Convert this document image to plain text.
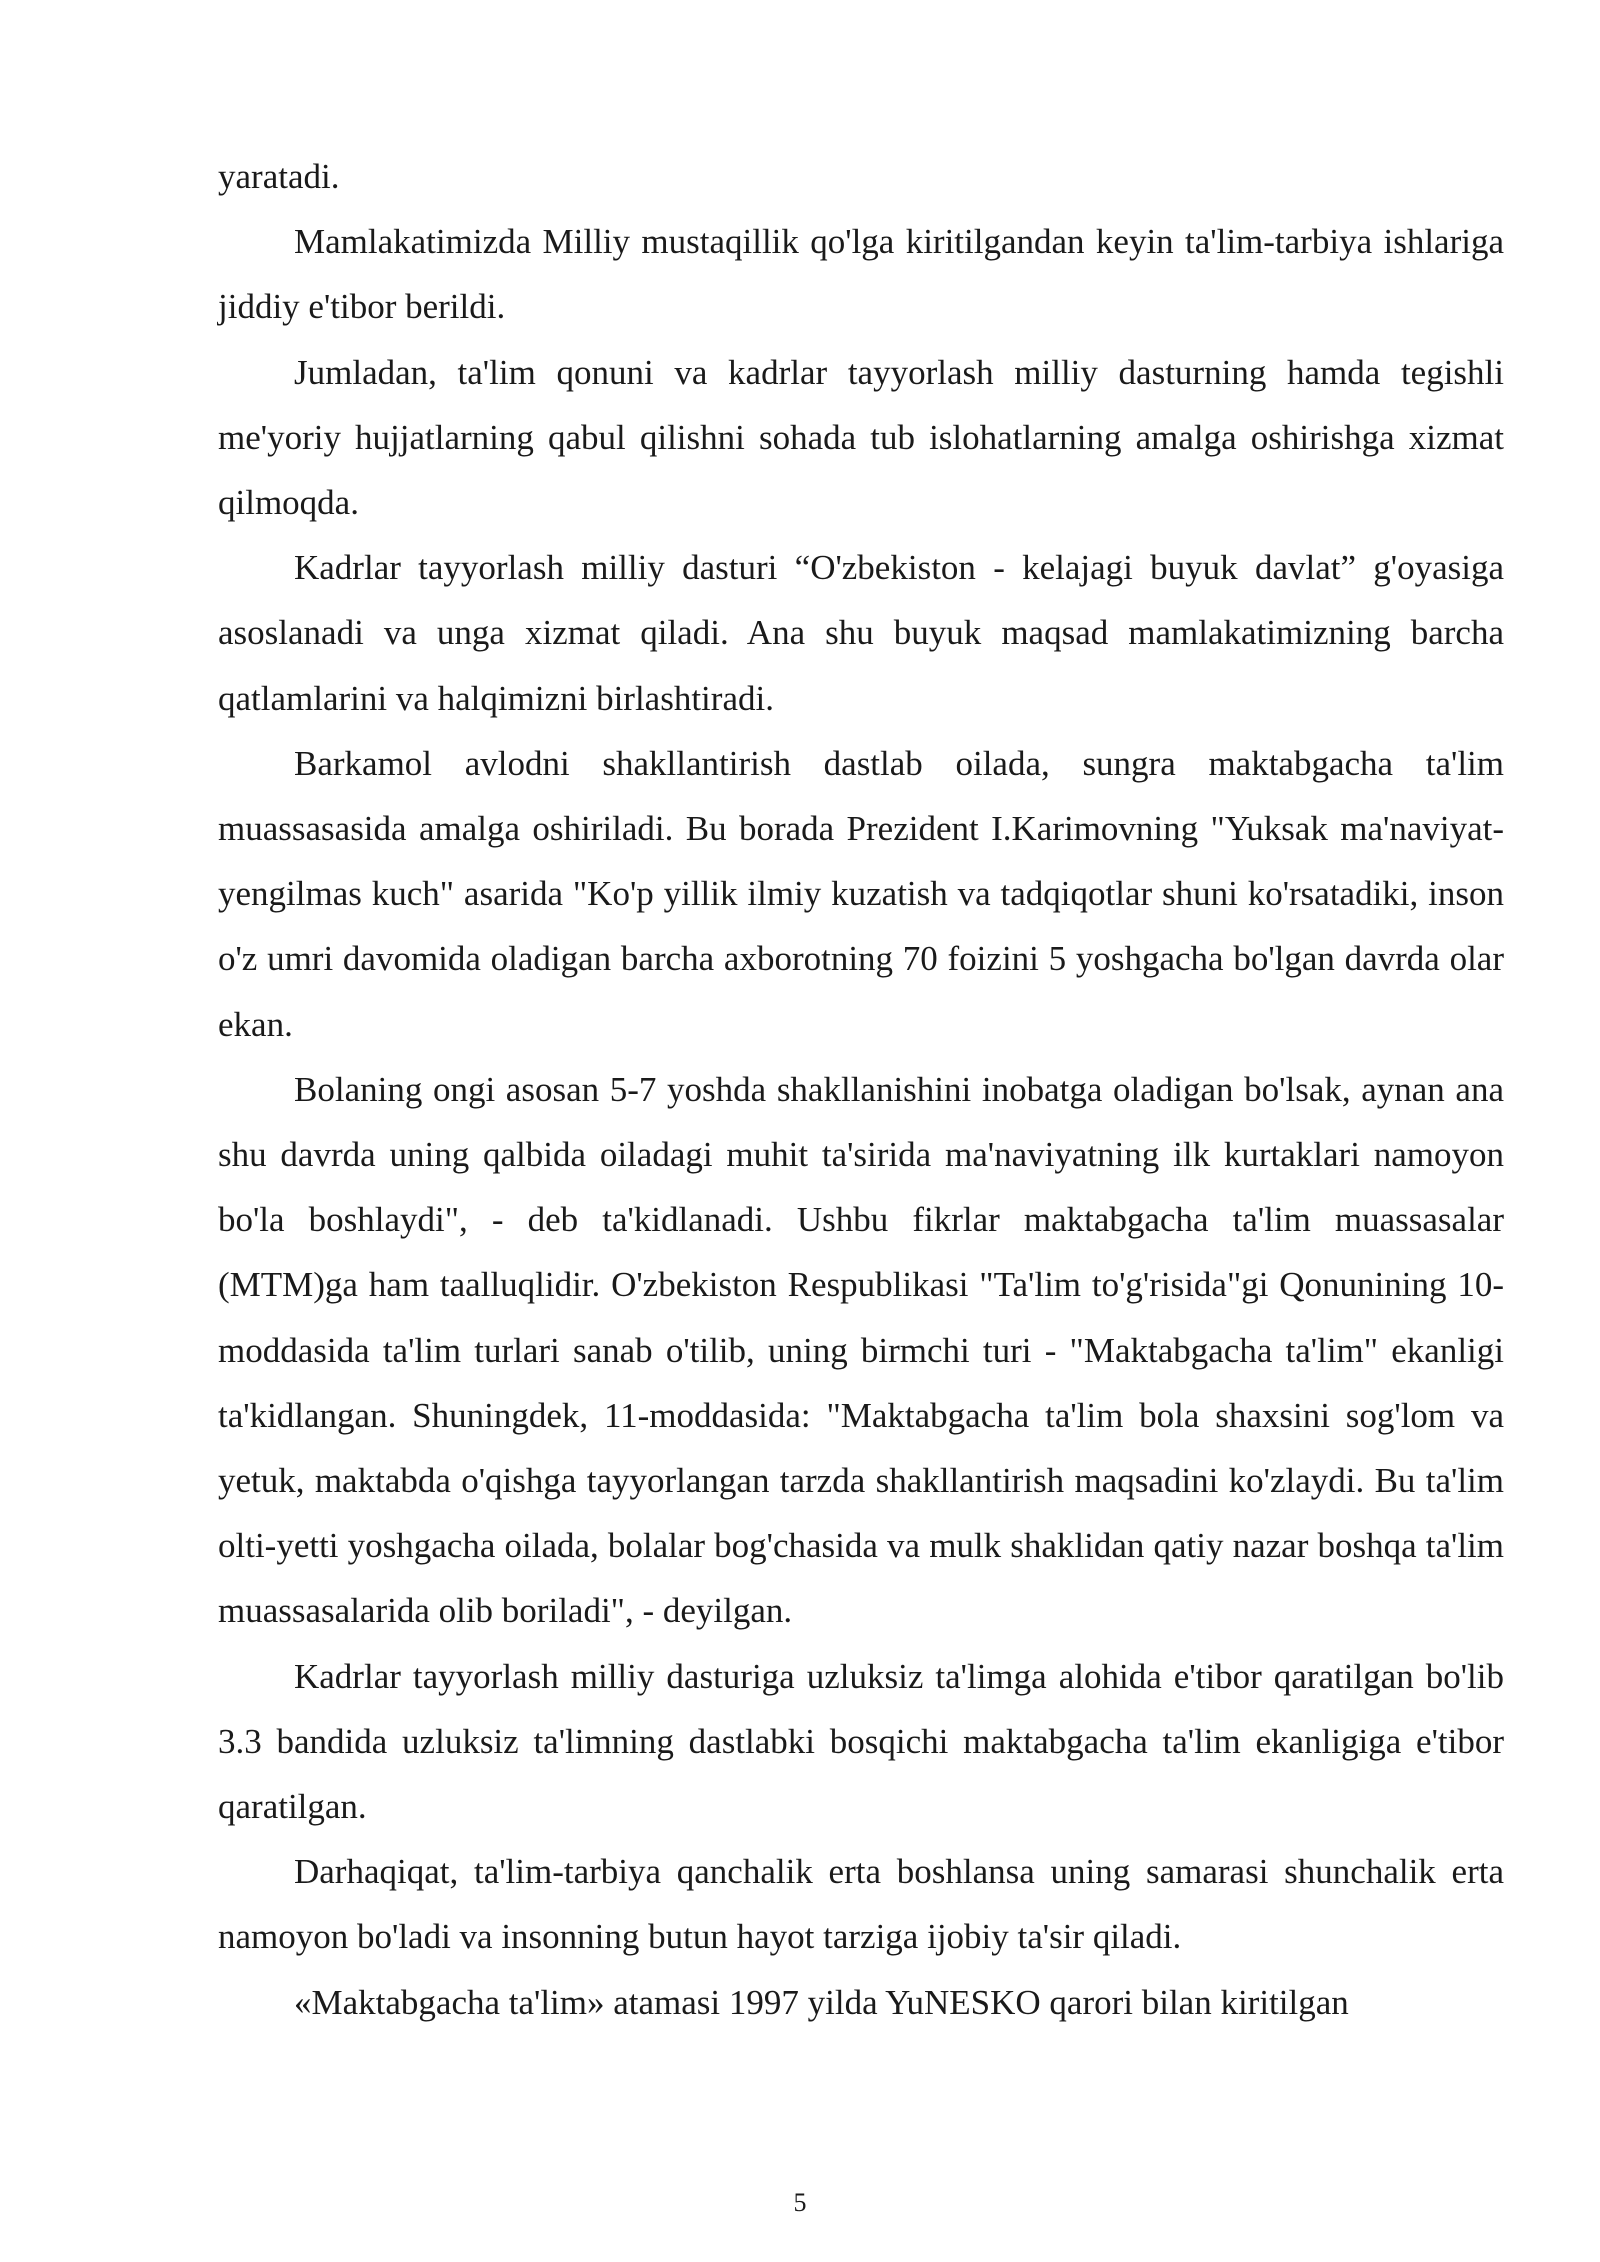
yaratadi.

Mamlakatimizda Milliy mustaqillik qo'lga kiritilgandan keyin ta'lim-tarbiya ishlariga jiddiy e'tibor berildi.

Jumladan, ta'lim qonuni va kadrlar tayyorlash milliy dasturning hamda tegishli me'yoriy hujjatlarning qabul qilishni sohada tub islohatlarning amalga oshirishga xizmat qilmoqda.

Kadrlar tayyorlash milliy dasturi “O'zbekiston - kelajagi buyuk davlat” g'oyasiga asoslanadi va unga xizmat qiladi. Ana shu buyuk maqsad mamlakatimizning barcha qatlamlarini va halqimizni birlashtiradi.

Barkamol avlodni shakllantirish dastlab oilada, sungra maktabgacha ta'lim muassasasida amalga oshiriladi. Bu borada Prezident I.Karimovning "Yuksak ma'naviyat-yengilmas kuch" asarida "Ko'p yillik ilmiy kuzatish va tadqiqotlar shuni ko'rsatadiki, inson o'z umri davomida oladigan barcha axborotning 70 foizini 5 yoshgacha bo'lgan davrda olar ekan.

Bolaning ongi asosan 5-7 yoshda shakllanishini inobatga oladigan bo'lsak, aynan ana shu davrda uning qalbida oiladagi muhit ta'sirida ma'naviyatning ilk kurtaklari namoyon bo'la boshlaydi", - deb ta'kidlanadi. Ushbu fikrlar maktabgacha ta'lim muassasalar (MTM)ga ham taalluqlidir. O'zbekiston Respublikasi "Ta'lim to'g'risida"gi Qonunining 10-moddasida ta'lim turlari sanab o'tilib, uning birmchi turi - "Maktabgacha ta'lim" ekanligi ta'kidlangan. Shuningdek, 11-moddasida: "Maktabgacha ta'lim bola shaxsini sog'lom va yetuk, maktabda o'qishga tayyorlangan tarzda shakllantirish maqsadini ko'zlaydi. Bu ta'lim olti-yetti yoshgacha oilada, bolalar bog'chasida va mulk shaklidan qatiy nazar boshqa ta'lim muassasalarida olib boriladi", - deyilgan.

Kadrlar tayyorlash milliy dasturiga uzluksiz ta'limga alohida e'tibor qaratilgan bo'lib 3.3 bandida uzluksiz ta'limning dastlabki bosqichi maktabgacha ta'lim ekanligiga e'tibor qaratilgan.

Darhaqiqat, ta'lim-tarbiya qanchalik erta boshlansa uning samarasi shunchalik erta namoyon bo'ladi va insonning butun hayot tarziga ijobiy ta'sir qiladi.

«Maktabgacha ta'lim» atamasi 1997 yilda YuNESKO qarori bilan kiritilgan

5
